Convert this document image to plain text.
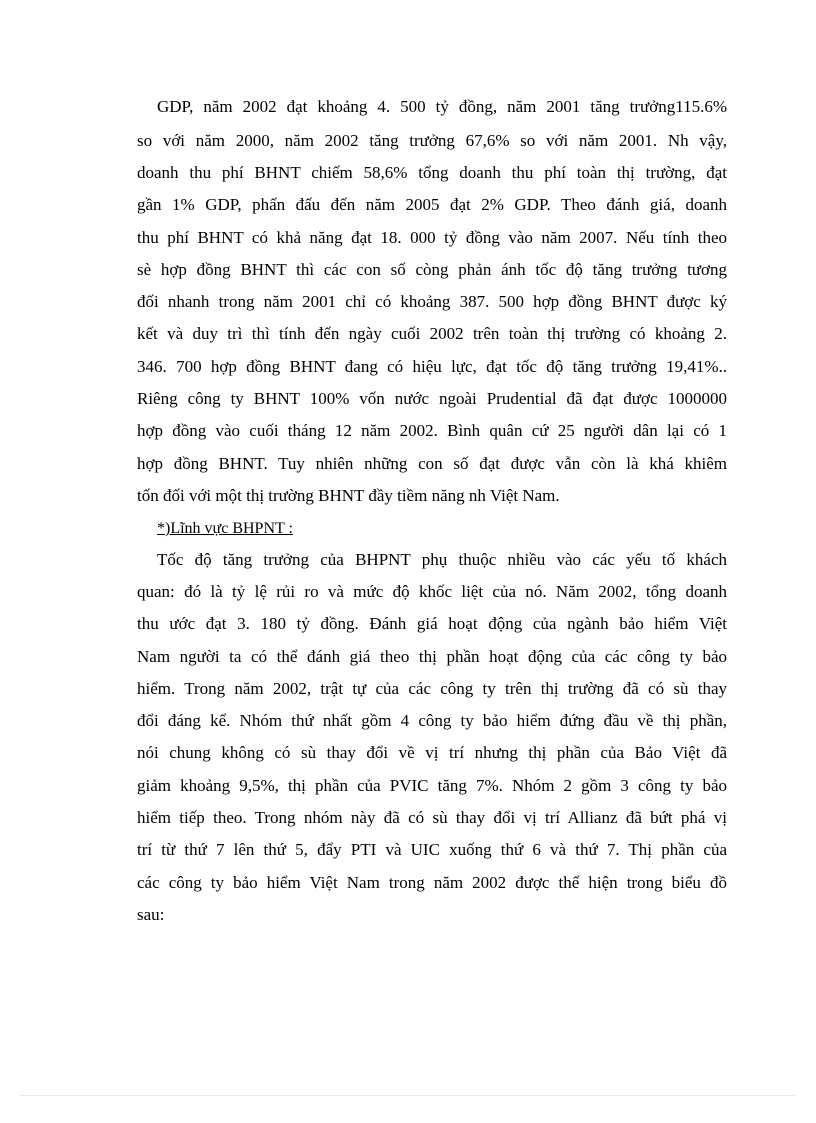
GDP, năm 2002 đạt khoảng 4. 500 tỷ đồng, năm 2001 tăng trưởng115.6%
so với năm 2000, năm 2002 tăng trưởng 67,6% so với năm 2001. Nh vậy,
doanh thu phí BHNT chiếm 58,6% tổng doanh thu phí toàn thị trường, đạt
gần 1% GDP, phấn đấu đến năm 2005 đạt 2% GDP. Theo đánh giá, doanh
thu phí BHNT có khả năng đạt 18. 000 tỷ đồng vào năm 2007. Nếu tính theo
sè hợp đồng BHNT thì các con số còng phản ánh tốc độ tăng trưởng tương
đối nhanh trong năm 2001 chỉ có khoảng 387. 500 hợp đồng BHNT được ký
kết và duy trì thì tính đến ngày cuối 2002 trên toàn thị trường có khoảng 2.
346. 700 hợp đồng BHNT đang có hiệu lực, đạt tốc độ tăng trưởng 19,41%..
Riêng công ty BHNT 100% vốn nước ngoài Prudential đã đạt được 1000000
hợp đồng vào cuối tháng 12 năm 2002. Bình quân cứ 25 người dân lại có 1
hợp đồng BHNT. Tuy nhiên những con số đạt được vẫn còn là khá khiêm
tốn đối với một thị trường BHNT đầy tiềm năng nh Việt Nam.
*)Lĩnh vực BHPNT :
Tốc độ tăng trưởng của BHPNT phụ thuộc nhiều vào các yếu tố khách
quan: đó là tỷ lệ rủi ro và mức độ khốc liệt của nó. Năm 2002, tổng doanh
thu ước đạt 3. 180 tỷ đồng. Đánh giá hoạt động của ngành bảo hiểm Việt
Nam người ta có thể đánh giá theo thị phần hoạt động của các công ty bảo
hiểm. Trong năm 2002, trật tự của các công ty trên thị trường đã có sù thay
đổi đáng kể. Nhóm thứ nhất gồm 4 công ty bảo hiểm đứng đầu về thị phần,
nói chung không có sù thay đổi về vị trí nhưng thị phần của Bảo Việt đã
giảm khoảng 9,5%, thị phần của PVIC tăng 7%. Nhóm 2 gồm 3 công ty bảo
hiểm tiếp theo. Trong nhóm này đã có sù thay đổi vị trí Allianz đã bứt phá vị
trí từ thứ 7 lên thứ 5, đẩy PTI và UIC xuống thứ 6 và thứ 7. Thị phần của
các công ty bảo hiểm Việt Nam trong năm 2002 được thể hiện trong biểu đồ
sau:
